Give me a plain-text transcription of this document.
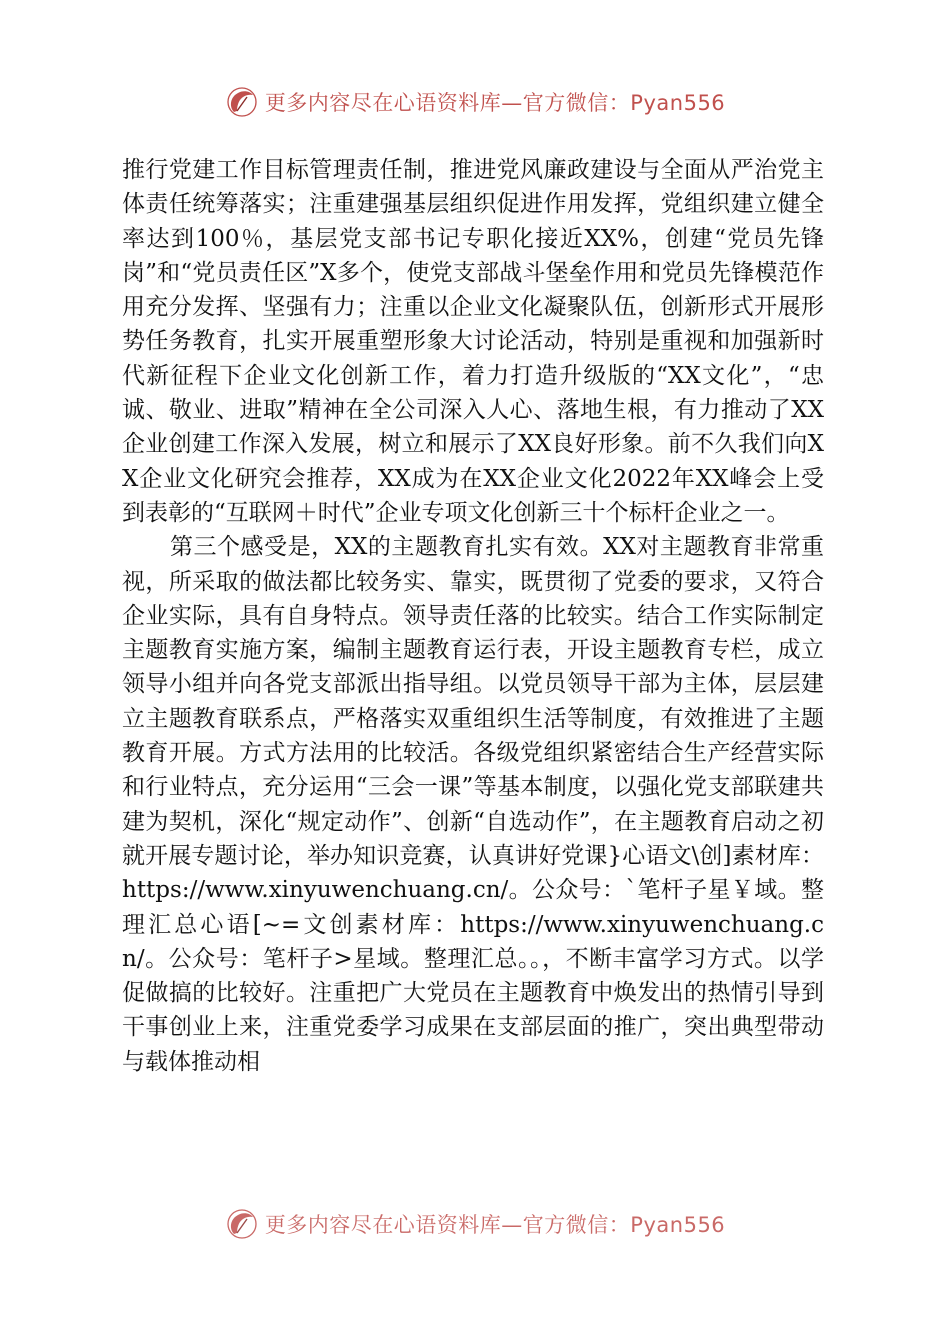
更多内容尽在心语资料库—官方微信：Pyan556

推行党建工作目标管理责任制，推进党风廉政建设与全面从严治党主体责任统筹落实；注重建强基层组织促进作用发挥，党组织建立健全率达到100％，基层党支部书记专职化接近XX%，创建“党员先锋岗”和“党员责任区”X多个，使党支部战斗堡垒作用和党员先锋模范作用充分发挥、坚强有力；注重以企业文化凝聚队伍，创新形式开展形势任务教育，扎实开展重塑形象大讨论活动，特别是重视和加强新时代新征程下企业文化创新工作，着力打造升级版的“XX文化”，“忠诚、敬业、进取”精神在全公司深入人心、落地生根，有力推动了XX企业创建工作深入发展，树立和展示了XX良好形象。前不久我们向XX企业文化研究会推荐，XX成为在XX企业文化2022年XX峰会上受到表彰的“互联网＋时代”企业专项文化创新三十个标杆企业之一。

第三个感受是，XX的主题教育扎实有效。XX对主题教育非常重视，所采取的做法都比较务实、靠实，既贯彻了党委的要求，又符合企业实际，具有自身特点。领导责任落的比较实。结合工作实际制定主题教育实施方案，编制主题教育运行表，开设主题教育专栏，成立领导小组并向各党支部派出指导组。以党员领导干部为主体，层层建立主题教育联系点，严格落实双重组织生活等制度，有效推进了主题教育开展。方式方法用的比较活。各级党组织紧密结合生产经营实际和行业特点，充分运用“三会一课”等基本制度，以强化党支部联建共建为契机，深化“规定动作”、创新“自选动作”，在主题教育启动之初就开展专题讨论，举办知识竞赛，认真讲好党课}心语文\创]素材库：https://www.xinyuwenchuang.cn/。公众号：`笔杆子星￥域。整理汇总心语[~=文创素材库：https://www.xinyuwenchuang.cn/。公众号：笔杆子>星域。整理汇总。。，不断丰富学习方式。以学促做搞的比较好。注重把广大党员在主题教育中焕发出的热情引导到干事创业上来，注重党委学习成果在支部层面的推广，突出典型带动与载体推动相

更多内容尽在心语资料库—官方微信：Pyan556
